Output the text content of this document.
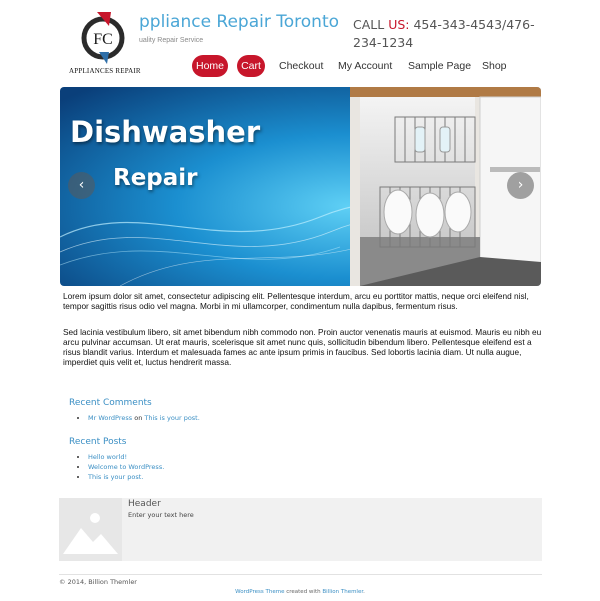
FC
APPLIANCES REPAIR
ppliance Repair Toronto
uality Repair Service
CALL US: 454-343-4543/476-234-1234
Home	Cart	Checkout My Account Sample Page Shop
Dishwasher
Repair
‹	›

Lorem ipsum dolor sit amet, consectetur adipiscing elit. Pellentesque interdum, arcu eu porttitor mattis, neque orci eleifend nisl, tempor sagittis risus odio vel magna. Morbi in mi ullamcorper, condimentum nulla dapibus, fermentum risus.

Sed lacinia vestibulum libero, sit amet bibendum nibh commodo non. Proin auctor venenatis mauris at euismod. Mauris eu nibh eu arcu pulvinar accumsan. Ut erat mauris, scelerisque sit amet nunc quis, sollicitudin bibendum libero. Pellentesque eleifend est a risus blandit varius. Interdum et malesuada fames ac ante ipsum primis in faucibus. Sed lobortis lacinia diam. Ut nulla augue, imperdiet quis velit et, luctus hendrerit massa.

Recent Comments
• Mr WordPress on This is your post.
Recent Posts
• Hello world!
• Welcome to WordPress.
• This is your post.
Header
Enter your text here
© 2014, Billion Themler
WordPress Theme created with Billion Themler.
